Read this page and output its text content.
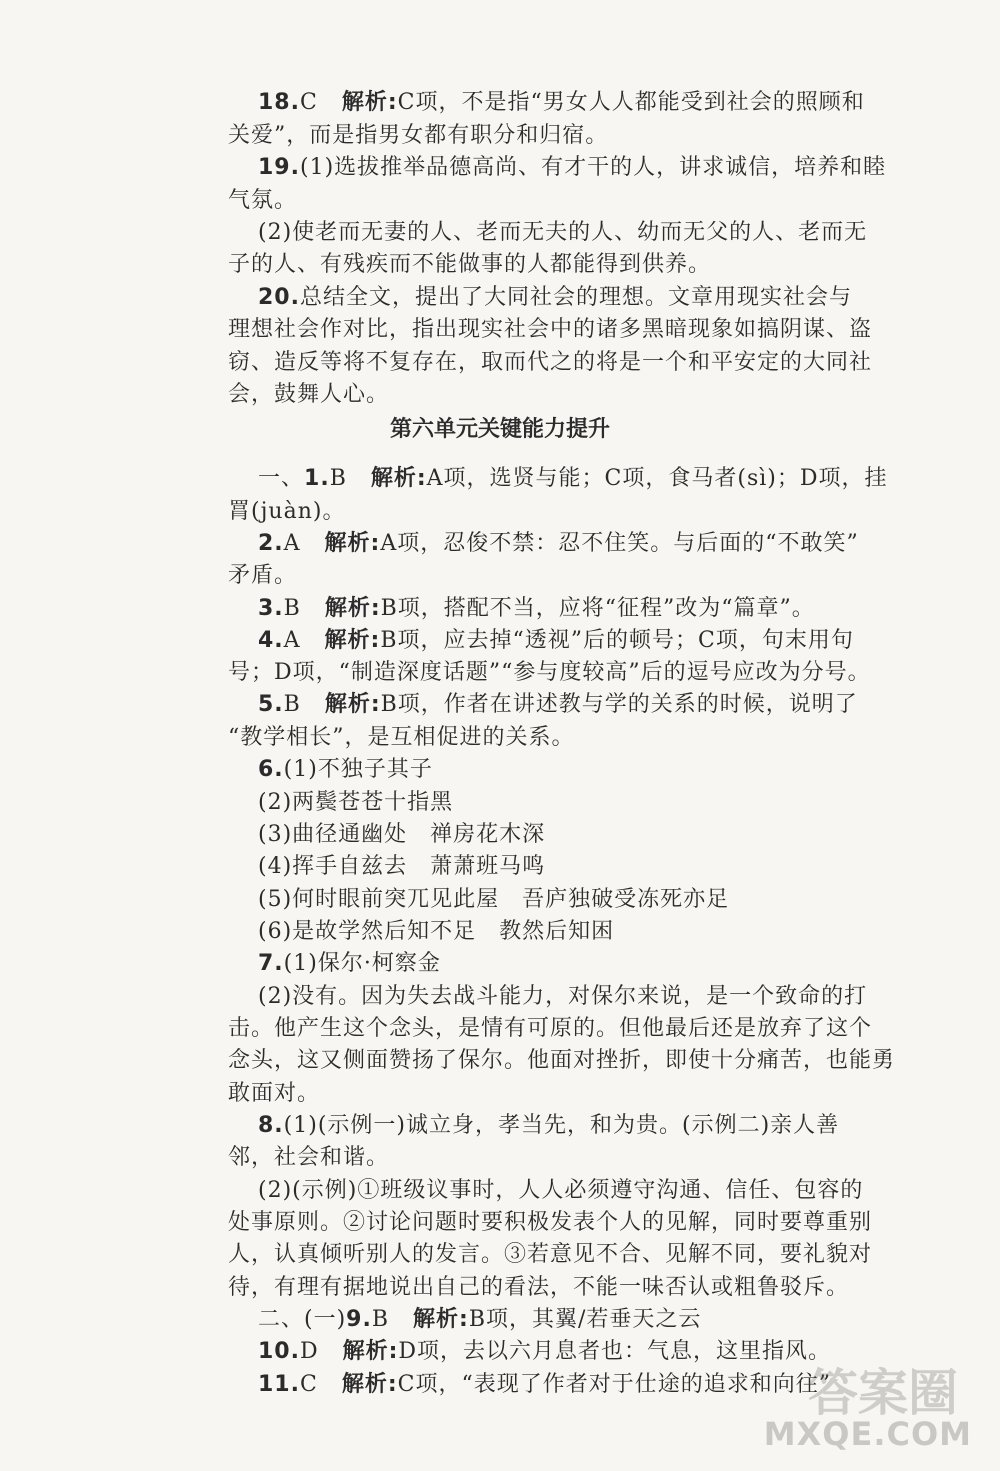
18.C 解析:C项，不是指“男女人人都能受到社会的照顾和
关爱”，而是指男女都有职分和归宿。
19.(1)选拔推举品德高尚、有才干的人，讲求诚信，培养和睦
气氛。
(2)使老而无妻的人、老而无夫的人、幼而无父的人、老而无
子的人、有残疾而不能做事的人都能得到供养。
20.总结全文，提出了大同社会的理想。文章用现实社会与
理想社会作对比，指出现实社会中的诸多黑暗现象如搞阴谋、盗
窃、造反等将不复存在，取而代之的将是一个和平安定的大同社
会，鼓舞人心。
第六单元关键能力提升
一、1.B 解析:A项，选贤与能；C项，食马者(sì)；D项，挂
罥(juàn)。
2.A 解析:A项，忍俊不禁：忍不住笑。与后面的“不敢笑”
矛盾。
3.B 解析:B项，搭配不当，应将“征程”改为“篇章”。
4.A 解析:B项，应去掉“透视”后的顿号；C项，句末用句
号；D项，“制造深度话题”“参与度较高”后的逗号应改为分号。
5.B 解析:B项，作者在讲述教与学的关系的时候，说明了
“教学相长”，是互相促进的关系。
6.(1)不独子其子
(2)两鬓苍苍十指黑
(3)曲径通幽处　禅房花木深
(4)挥手自兹去　萧萧班马鸣
(5)何时眼前突兀见此屋　吾庐独破受冻死亦足
(6)是故学然后知不足　教然后知困
7.(1)保尔·柯察金
(2)没有。因为失去战斗能力，对保尔来说，是一个致命的打
击。他产生这个念头，是情有可原的。但他最后还是放弃了这个
念头，这又侧面赞扬了保尔。他面对挫折，即使十分痛苦，也能勇
敢面对。
8.(1)(示例一)诚立身，孝当先，和为贵。(示例二)亲人善
邻，社会和谐。
(2)(示例)①班级议事时，人人必须遵守沟通、信任、包容的
处事原则。②讨论问题时要积极发表个人的见解，同时要尊重别
人，认真倾听别人的发言。③若意见不合、见解不同，要礼貌对
待，有理有据地说出自己的看法，不能一味否认或粗鲁驳斥。
二、(一)9.B 解析:B项，其翼/若垂天之云
10.D 解析:D项，去以六月息者也：气息，这里指风。
11.C 解析:C项，“表现了作者对于仕途的追求和向往”
答案圈
MXQE.COM
